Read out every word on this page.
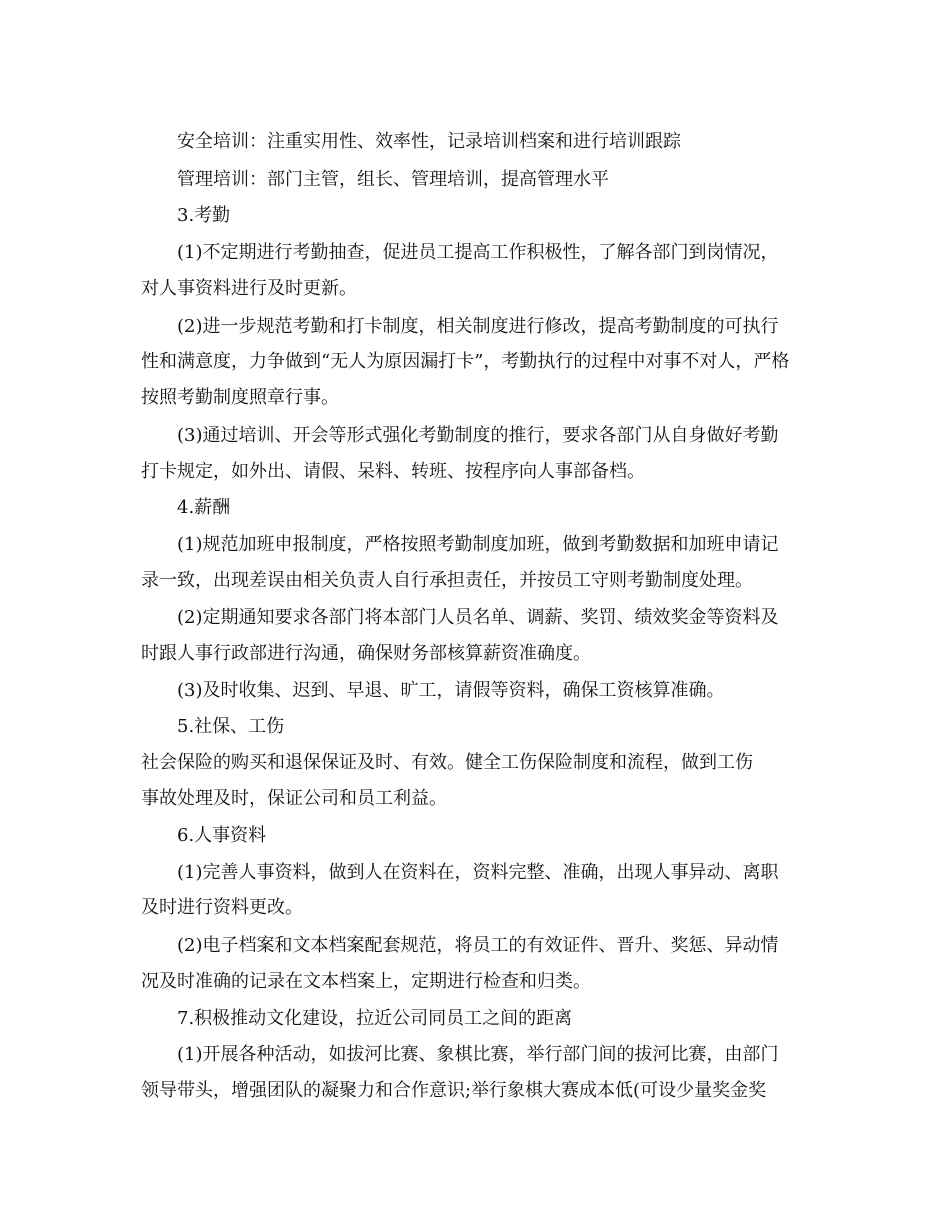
安全培训：注重实用性、效率性，记录培训档案和进行培训跟踪
管理培训：部门主管，组长、管理培训，提高管理水平
3.考勤
(1)不定期进行考勤抽查，促进员工提高工作积极性，了解各部门到岗情况，
对人事资料进行及时更新。
(2)进一步规范考勤和打卡制度，相关制度进行修改，提高考勤制度的可执行
性和满意度，力争做到“无人为原因漏打卡”，考勤执行的过程中对事不对人，严格
按照考勤制度照章行事。
(3)通过培训、开会等形式强化考勤制度的推行，要求各部门从自身做好考勤
打卡规定，如外出、请假、呆料、转班、按程序向人事部备档。
4.薪酬
(1)规范加班申报制度，严格按照考勤制度加班，做到考勤数据和加班申请记
录一致，出现差误由相关负责人自行承担责任，并按员工守则考勤制度处理。
(2)定期通知要求各部门将本部门人员名单、调薪、奖罚、绩效奖金等资料及
时跟人事行政部进行沟通，确保财务部核算薪资准确度。
(3)及时收集、迟到、早退、旷工，请假等资料，确保工资核算准确。
5.社保、工伤
社会保险的购买和退保保证及时、有效。健全工伤保险制度和流程，做到工伤
事故处理及时，保证公司和员工利益。
6.人事资料
(1)完善人事资料，做到人在资料在，资料完整、准确，出现人事异动、离职
及时进行资料更改。
(2)电子档案和文本档案配套规范，将员工的有效证件、晋升、奖惩、异动情
况及时准确的记录在文本档案上，定期进行检查和归类。
7.积极推动文化建设，拉近公司同员工之间的距离
(1)开展各种活动，如拔河比赛、象棋比赛，举行部门间的拔河比赛，由部门
领导带头，增强团队的凝聚力和合作意识;举行象棋大赛成本低(可设少量奖金奖
